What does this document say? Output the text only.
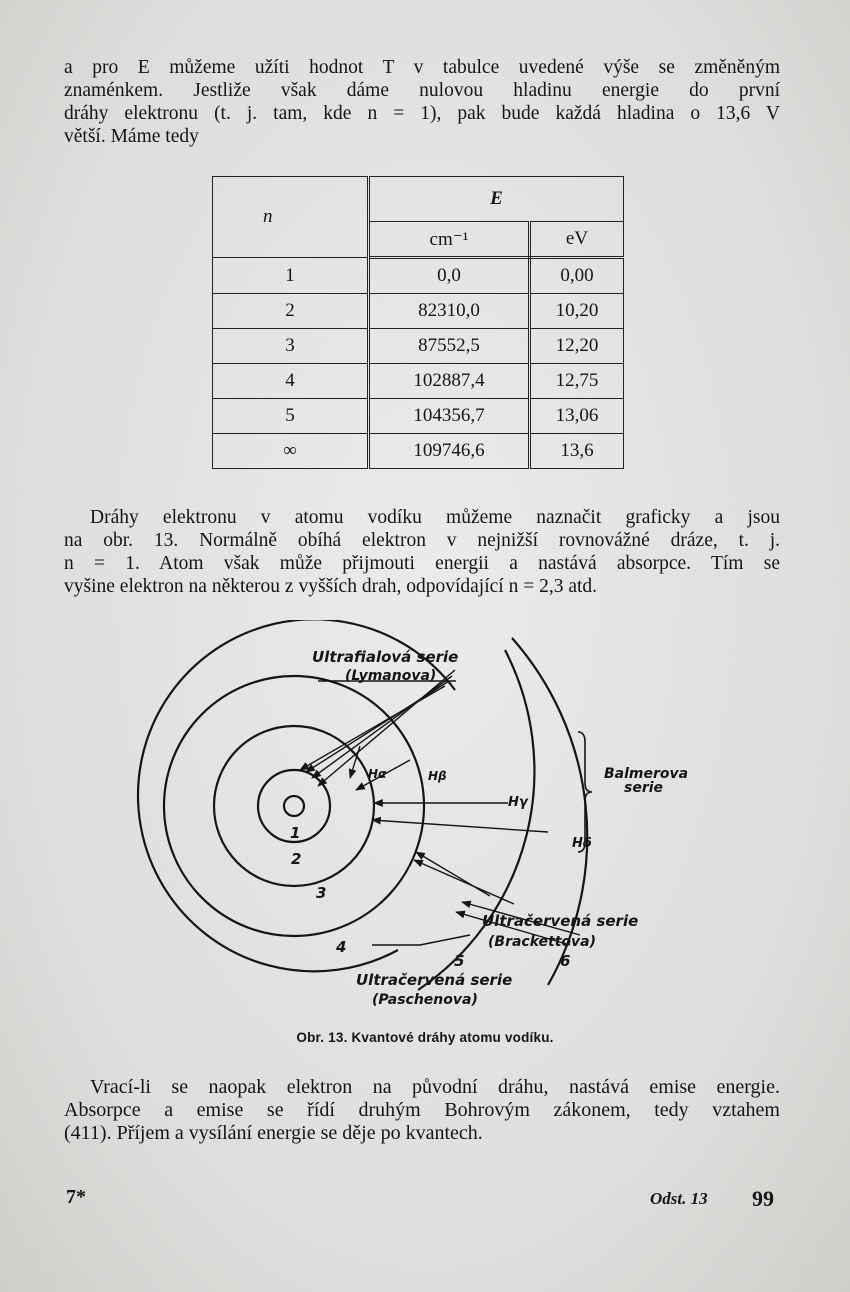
a pro E můžeme užíti hodnot T v tabulce uvedené výše se změněným
znaménkem. Jestliže však dáme nulovou hladinu energie do první
dráhy elektronu (t. j. tam, kde n = 1), pak bude každá hladina o 13,6 V
větší. Máme tedy

n	E	
	cm⁻¹	eV
1	0,0	0,00
2	82310,0	10,20
3	87552,5	12,20
4	102887,4	12,75
5	104356,7	13,06
∞	109746,6	13,6

Dráhy elektronu v atomu vodíku můžeme naznačit graficky a jsou
na obr. 13. Normálně obíhá elektron v nejnižší rovnovážné dráze, t. j.
n = 1. Atom však může přijmouti energii a nastává absorpce. Tím se
vyšine elektron na některou z vyšších drah, odpovídající n = 2,3 atd.

Ultrafialová serie
(Lymanova)
Hα	Hβ
Hγ
Hδ
Balmerova
serie
1
2
3
4
5	6
Ultračervená serie
(Brackettova)
Ultračervená serie
(Paschenova)
Obr. 13. Kvantové dráhy atomu vodíku.

Vrací-li se naopak elektron na původní dráhu, nastává emise energie.
Absorpce a emise se řídí druhým Bohrovým zákonem, tedy vztahem
(411). Příjem a vysílání energie se děje po kvantech.

7*	Odst. 13 99
